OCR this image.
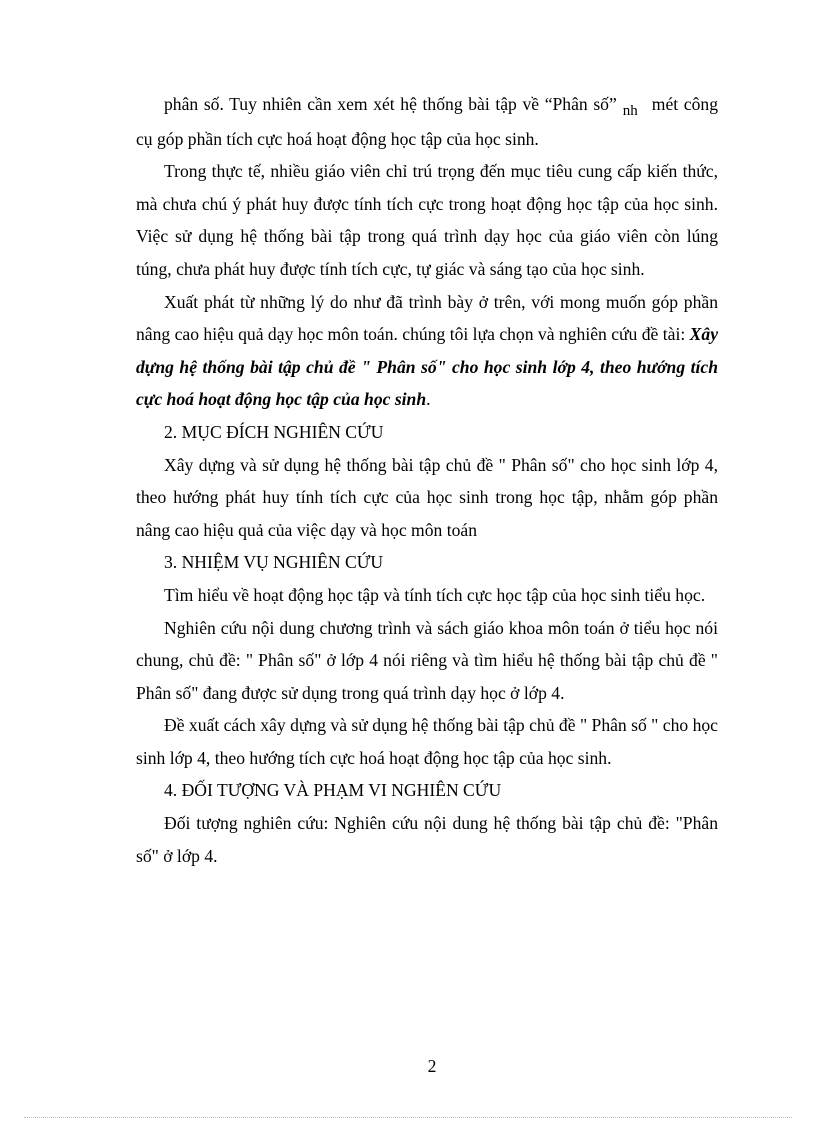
phân số. Tuy nhiên cần xem xét hệ thống bài tập về “Phân số” nh mét công cụ góp phần tích cực hoá hoạt động học tập của học sinh.

Trong thực tế, nhiều giáo viên chỉ trú trọng đến mục tiêu cung cấp kiến thức, mà chưa chú ý phát huy được tính tích cực trong hoạt động học tập của học sinh. Việc sử dụng hệ thống bài tập trong quá trình dạy học của giáo viên còn lúng túng, chưa phát huy được tính tích cực, tự giác và sáng tạo của học sinh.

Xuất phát từ những lý do như đã trình bày ở trên, với mong muốn góp phần nâng cao hiệu quả dạy học môn toán. chúng tôi lựa chọn và nghiên cứu đề tài: Xây dựng hệ thống bài tập chủ đề " Phân số" cho học sinh lớp 4, theo hướng tích cực hoá hoạt động học tập của học sinh.

2. MỤC ĐÍCH NGHIÊN CỨU

Xây dựng và sử dụng hệ thống bài tập chủ đề " Phân số" cho học sinh lớp 4, theo hướng phát huy tính tích cực của học sinh trong học tập, nhằm góp phần nâng cao hiệu quả của việc dạy và học môn toán

3. NHIỆM VỤ NGHIÊN CỨU

Tìm hiểu về hoạt động học tập và tính tích cực học tập của học sinh tiểu học.

Nghiên cứu nội dung chương trình và sách giáo khoa môn toán ở tiểu học nói chung, chủ đề: " Phân số" ở lớp 4 nói riêng và tìm hiểu hệ thống bài tập chủ đề " Phân số" đang được sử dụng trong quá trình dạy học ở lớp 4.

Đề xuất cách xây dựng và sử dụng hệ thống bài tập chủ đề " Phân số " cho học sinh lớp 4, theo hướng tích cực hoá hoạt động học tập của học sinh.

4. ĐỐI TƯỢNG VÀ PHẠM VI NGHIÊN CỨU

Đối tượng nghiên cứu: Nghiên cứu nội dung hệ thống bài tập chủ đề: "Phân số" ở lớp 4.

2
